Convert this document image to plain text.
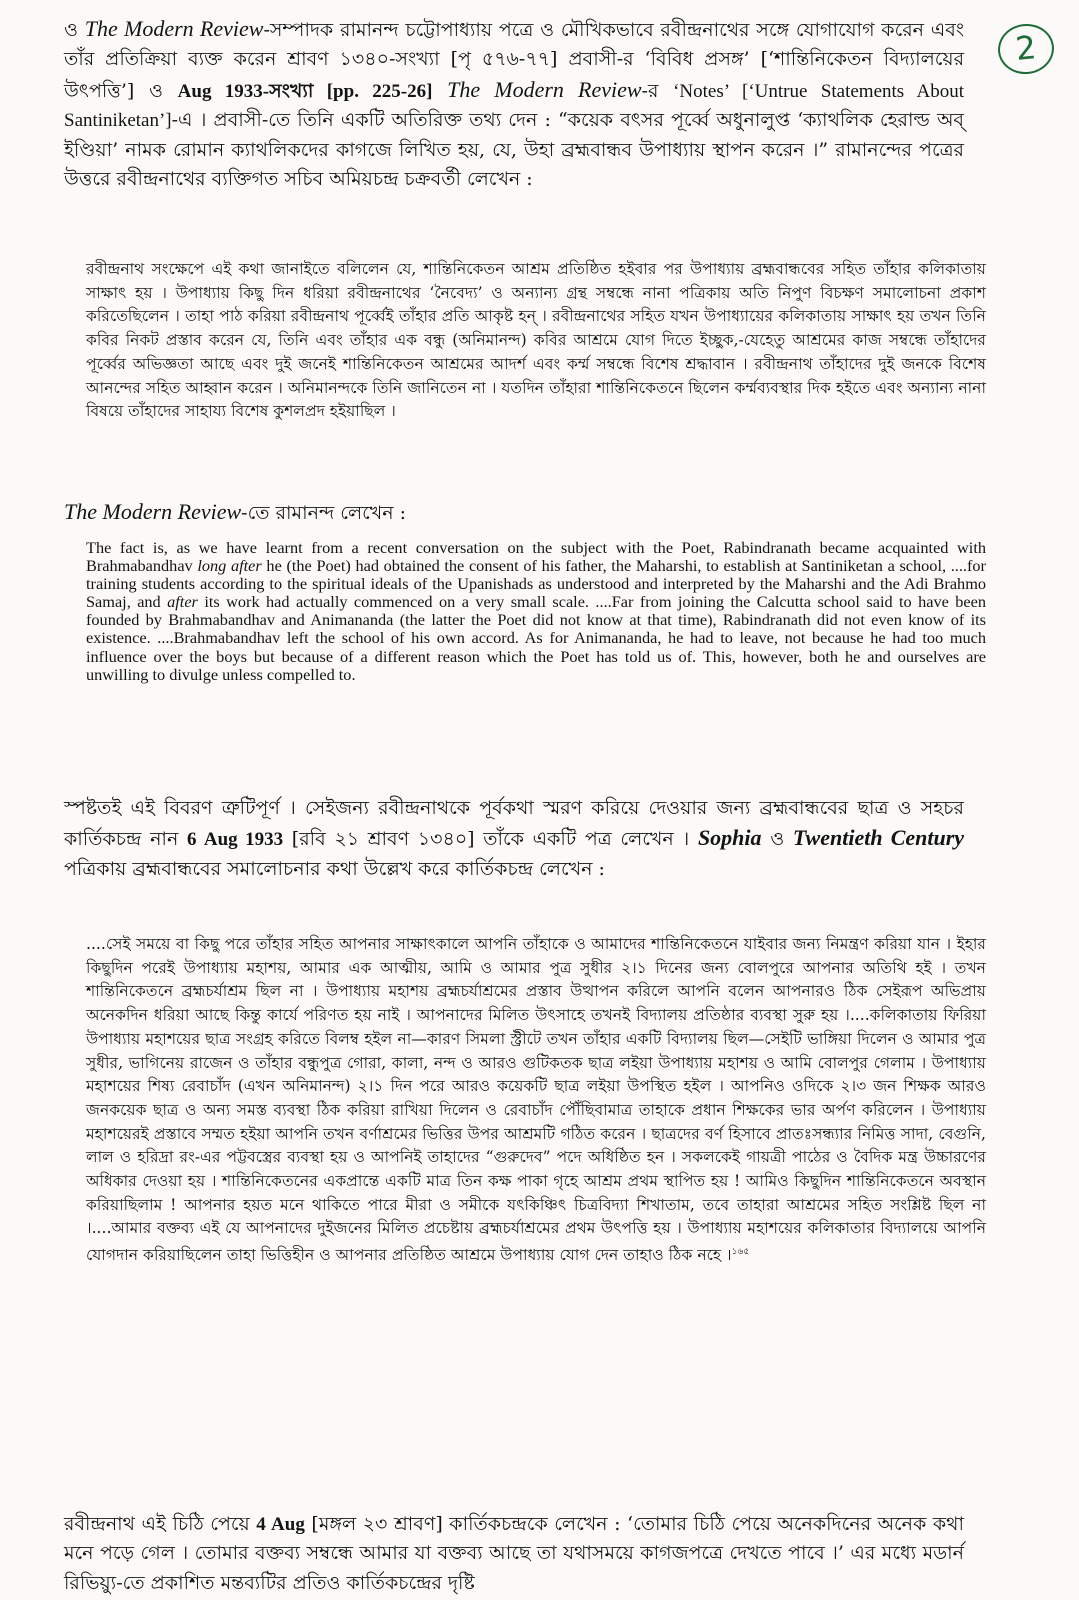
2

ও The Modern Review-সম্পাদক রামানন্দ চট্টোপাধ্যায় পত্রে ও মৌখিকভাবে রবীন্দ্রনাথের সঙ্গে যোগাযোগ করেন এবং তাঁর প্রতিক্রিয়া ব্যক্ত করেন শ্রাবণ ১৩৪০-সংখ্যা [পৃ ৫৭৬-৭৭] প্রবাসী-র ‘বিবিধ প্রসঙ্গ’ [‘শান্তিনিকেতন বিদ্যালয়ের উৎপত্তি’] ও Aug 1933-সংখ্যা [pp. 225-26] The Modern Review-র ‘Notes’ [‘Untrue Statements About Santiniketan’]-এ । প্রবাসী-তে তিনি একটি অতিরিক্ত তথ্য দেন : “কয়েক বৎসর পূর্ব্বে অধুনালুপ্ত ‘ক্যাথলিক হেরাল্ড অব্ ইণ্ডিয়া’ নামক রোমান ক্যাথলিকদের কাগজে লিখিত হয়, যে, উহা ব্রহ্মবান্ধব উপাধ্যায় স্থাপন করেন ।” রামানন্দের পত্রের উত্তরে রবীন্দ্রনাথের ব্যক্তিগত সচিব অমিয়চন্দ্র চক্রবর্তী লেখেন :

রবীন্দ্রনাথ সংক্ষেপে এই কথা জানাইতে বলিলেন যে, শান্তিনিকেতন আশ্রম প্রতিষ্ঠিত হইবার পর উপাধ্যায় ব্রহ্মবান্ধবের সহিত তাঁহার কলিকাতায় সাক্ষাৎ হয় । উপাধ্যায় কিছু দিন ধরিয়া রবীন্দ্রনাথের ‘নৈবেদ্য’ ও অন্যান্য গ্রন্থ সম্বন্ধে নানা পত্রিকায় অতি নিপুণ বিচক্ষণ সমালোচনা প্রকাশ করিতেছিলেন । তাহা পাঠ করিয়া রবীন্দ্রনাথ পূর্ব্বেই তাঁহার প্রতি আকৃষ্ট হন্ । রবীন্দ্রনাথের সহিত যখন উপাধ্যায়ের কলিকাতায় সাক্ষাৎ হয় তখন তিনি কবির নিকট প্রস্তাব করেন যে, তিনি এবং তাঁহার এক বন্ধু (অনিমানন্দ) কবির আশ্রমে যোগ দিতে ইচ্ছুক,-যেহেতু আশ্রমের কাজ সম্বন্ধে তাঁহাদের পূর্ব্বের অভিজ্ঞতা আছে এবং দুই জনেই শান্তিনিকেতন আশ্রমের আদর্শ এবং কর্ম্ম সম্বন্ধে বিশেষ শ্রদ্ধাবান । রবীন্দ্রনাথ তাঁহাদের দুই জনকে বিশেষ আনন্দের সহিত আহ্বান করেন । অনিমানন্দকে তিনি জানিতেন না । যতদিন তাঁহারা শান্তিনিকেতনে ছিলেন কর্ম্মব্যবস্থার দিক হইতে এবং অন্যান্য নানা বিষয়ে তাঁহাদের সাহায্য বিশেষ কুশলপ্রদ হইয়াছিল ।

The Modern Review-তে রামানন্দ লেখেন :

The fact is, as we have learnt from a recent conversation on the subject with the Poet, Rabindranath became acquainted with Brahmabandhav long after he (the Poet) had obtained the consent of his father, the Maharshi, to establish at Santiniketan a school, ....for training students according to the spiritual ideals of the Upanishads as understood and interpreted by the Maharshi and the Adi Brahmo Samaj, and after its work had actually commenced on a very small scale. ....Far from joining the Calcutta school said to have been founded by Brahmabandhav and Animananda (the latter the Poet did not know at that time), Rabindranath did not even know of its existence. ....Brahmabandhav left the school of his own accord. As for Animananda, he had to leave, not because he had too much influence over the boys but because of a different reason which the Poet has told us of. This, however, both he and ourselves are unwilling to divulge unless compelled to.

স্পষ্টতই এই বিবরণ ত্রুটিপূর্ণ । সেইজন্য রবীন্দ্রনাথকে পূর্বকথা স্মরণ করিয়ে দেওয়ার জন্য ব্রহ্মবান্ধবের ছাত্র ও সহচর কার্তিকচন্দ্র নান 6 Aug 1933 [রবি ২১ শ্রাবণ ১৩৪০] তাঁকে একটি পত্র লেখেন । Sophia ও Twentieth Century পত্রিকায় ব্রহ্মবান্ধবের সমালোচনার কথা উল্লেখ করে কার্তিকচন্দ্র লেখেন :

....সেই সময়ে বা কিছু পরে তাঁহার সহিত আপনার সাক্ষাৎকালে আপনি তাঁহাকে ও আমাদের শান্তিনিকেতনে যাইবার জন্য নিমন্ত্রণ করিয়া যান । ইহার কিছুদিন পরেই উপাধ্যায় মহাশয়, আমার এক আত্মীয়, আমি ও আমার পুত্র সুধীর ২।১ দিনের জন্য বোলপুরে আপনার অতিথি হই । তখন শান্তিনিকেতনে ব্রহ্মচর্যাশ্রম ছিল না । উপাধ্যায় মহাশয় ব্রহ্মচর্যাশ্রমের প্রস্তাব উত্থাপন করিলে আপনি বলেন আপনারও ঠিক সেইরূপ অভিপ্রায় অনেকদিন ধরিয়া আছে কিন্তু কার্যে পরিণত হয় নাই । আপনাদের মিলিত উৎসাহে তখনই বিদ্যালয় প্রতিষ্ঠার ব্যবস্থা সুরু হয় ।....কলিকাতায় ফিরিয়া উপাধ্যায় মহাশয়ের ছাত্র সংগ্রহ করিতে বিলম্ব হইল না—কারণ সিমলা স্ট্রীটে তখন তাঁহার একটি বিদ্যালয় ছিল—সেইটি ভাঙ্গিয়া দিলেন ও আমার পুত্র সুধীর, ভাগিনেয় রাজেন ও তাঁহার বন্ধুপুত্র গোরা, কালা, নন্দ ও আরও গুটিকতক ছাত্র লইয়া উপাধ্যায় মহাশয় ও আমি বোলপুর গেলাম । উপাধ্যায় মহাশয়ের শিষ্য রেবাচাঁদ (এখন অনিমানন্দ) ২।১ দিন পরে আরও কয়েকটি ছাত্র লইয়া উপস্থিত হইল । আপনিও ওদিকে ২।৩ জন শিক্ষক আরও জনকয়েক ছাত্র ও অন্য সমস্ত ব্যবস্থা ঠিক করিয়া রাখিয়া দিলেন ও রেবাচাঁদ পৌঁছিবামাত্র তাহাকে প্রধান শিক্ষকের ভার অর্পণ করিলেন । উপাধ্যায় মহাশয়েরই প্রস্তাবে সম্মত হইয়া আপনি তখন বর্ণাশ্রমের ভিত্তির উপর আশ্রমটি গঠিত করেন । ছাত্রদের বর্ণ হিসাবে প্রাতঃসন্ধ্যার নিমিত্ত সাদা, বেগুনি, লাল ও হরিদ্রা রং-এর পট্টবস্ত্রের ব্যবস্থা হয় ও আপনিই তাহাদের “গুরুদেব” পদে অধিষ্ঠিত হন । সকলকেই গায়ত্রী পাঠের ও বৈদিক মন্ত্র উচ্চারণের অধিকার দেওয়া হয় । শান্তিনিকেতনের একপ্রান্তে একটি মাত্র তিন কক্ষ পাকা গৃহে আশ্রম প্রথম স্থাপিত হয় ! আমিও কিছুদিন শান্তিনিকেতনে অবস্থান করিয়াছিলাম ! আপনার হয়ত মনে থাকিতে পারে মীরা ও সমীকে যৎকিঞ্চিৎ চিত্রবিদ্যা শিখাতাম, তবে তাহারা আশ্রমের সহিত সংশ্লিষ্ট ছিল না ।....আমার বক্তব্য এই যে আপনাদের দুইজনের মিলিত প্রচেষ্টায় ব্রহ্মচর্যাশ্রমের প্রথম উৎপত্তি হয় । উপাধ্যায় মহাশয়ের কলিকাতার বিদ্যালয়ে আপনি যোগদান করিয়াছিলেন তাহা ভিত্তিহীন ও আপনার প্রতিষ্ঠিত আশ্রমে উপাধ্যায় যোগ দেন তাহাও ঠিক নহে ।$^{১৬৫}$

রবীন্দ্রনাথ এই চিঠি পেয়ে 4 Aug [মঙ্গল ২৩ শ্রাবণ] কার্তিকচন্দ্রকে লেখেন : ‘তোমার চিঠি পেয়ে অনেকদিনের অনেক কথা মনে পড়ে গেল । তোমার বক্তব্য সম্বন্ধে আমার যা বক্তব্য আছে তা যথাসময়ে কাগজপত্রে দেখতে পাবে ।’ এর মধ্যে মডার্ন রিভিয়্যু-তে প্রকাশিত মন্তব্যটির প্রতিও কার্তিকচন্দ্রের দৃষ্টি
